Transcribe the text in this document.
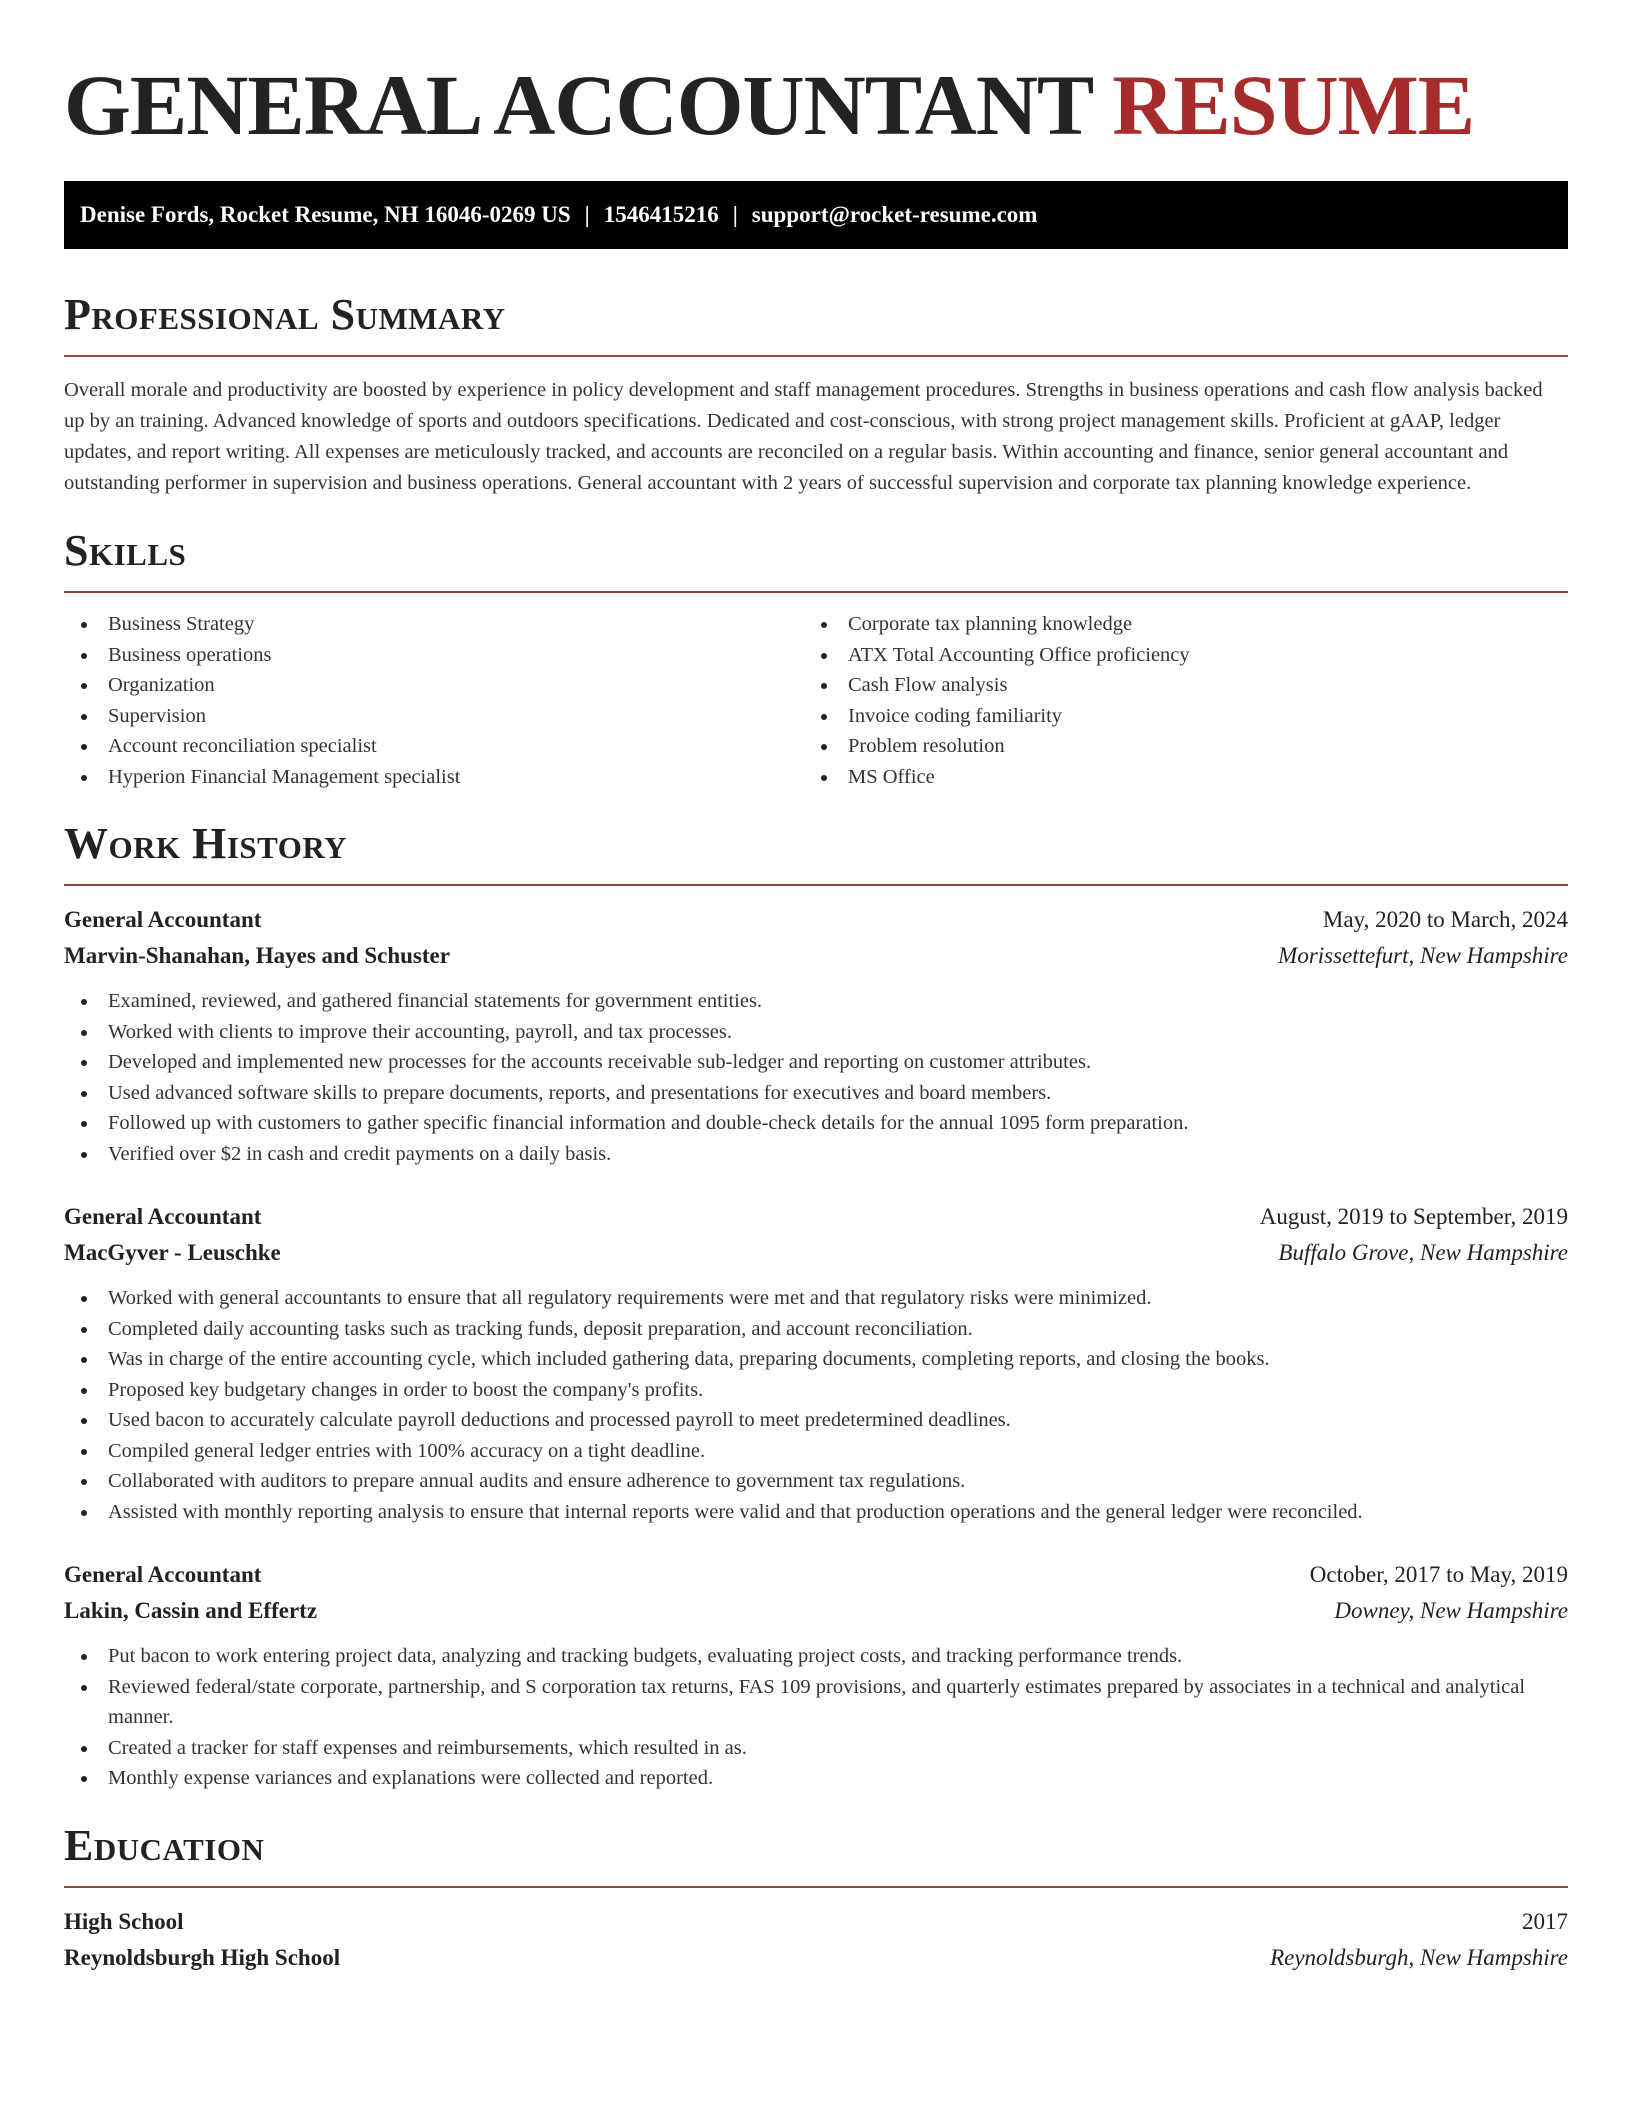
GENERAL ACCOUNTANT RESUME
Denise Fords, Rocket Resume, NH 16046-0269 US | 1546415216 | support@rocket-resume.com
Professional Summary

Overall morale and productivity are boosted by experience in policy development and staff management procedures. Strengths in business operations and cash flow analysis backed up by an training. Advanced knowledge of sports and outdoors specifications. Dedicated and cost-conscious, with strong project management skills. Proficient at gAAP, ledger updates, and report writing. All expenses are meticulously tracked, and accounts are reconciled on a regular basis. Within accounting and finance, senior general accountant and outstanding performer in supervision and business operations. General accountant with 2 years of successful supervision and corporate tax planning knowledge experience.

Skills
Business Strategy
Business operations
Organization
Supervision
Account reconciliation specialist
Hyperion Financial Management specialist
Corporate tax planning knowledge
ATX Total Accounting Office proficiency
Cash Flow analysis
Invoice coding familiarity
Problem resolution
MS Office
Work History
General Accountant	May, 2020 to March, 2024
Marvin-Shanahan, Hayes and Schuster	Morissettefurt, New Hampshire
Examined, reviewed, and gathered financial statements for government entities.
Worked with clients to improve their accounting, payroll, and tax processes.
Developed and implemented new processes for the accounts receivable sub-ledger and reporting on customer attributes.
Used advanced software skills to prepare documents, reports, and presentations for executives and board members.
Followed up with customers to gather specific financial information and double-check details for the annual 1095 form preparation.
Verified over $2 in cash and credit payments on a daily basis.
General Accountant	August, 2019 to September, 2019
MacGyver - Leuschke	Buffalo Grove, New Hampshire
Worked with general accountants to ensure that all regulatory requirements were met and that regulatory risks were minimized.
Completed daily accounting tasks such as tracking funds, deposit preparation, and account reconciliation.
Was in charge of the entire accounting cycle, which included gathering data, preparing documents, completing reports, and closing the books.
Proposed key budgetary changes in order to boost the company's profits.
Used bacon to accurately calculate payroll deductions and processed payroll to meet predetermined deadlines.
Compiled general ledger entries with 100% accuracy on a tight deadline.
Collaborated with auditors to prepare annual audits and ensure adherence to government tax regulations.
Assisted with monthly reporting analysis to ensure that internal reports were valid and that production operations and the general ledger were reconciled.
General Accountant	October, 2017 to May, 2019
Lakin, Cassin and Effertz	Downey, New Hampshire
Put bacon to work entering project data, analyzing and tracking budgets, evaluating project costs, and tracking performance trends.
Reviewed federal/state corporate, partnership, and S corporation tax returns, FAS 109 provisions, and quarterly estimates prepared by associates in a technical and analytical manner.
Created a tracker for staff expenses and reimbursements, which resulted in as.
Monthly expense variances and explanations were collected and reported.
Education
High School	2017
Reynoldsburgh High School	Reynoldsburgh, New Hampshire
